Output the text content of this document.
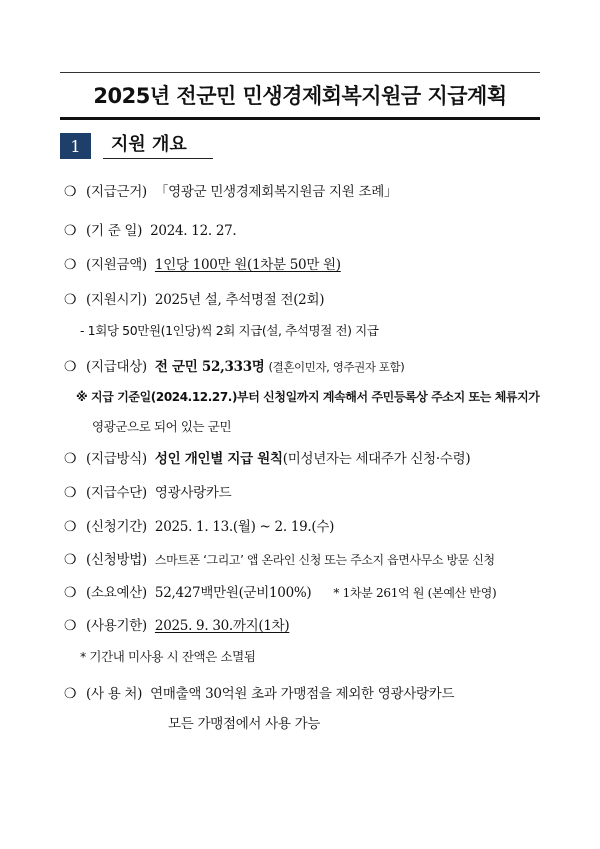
2025년 전군민 민생경제회복지원금 지급계획
1	지원 개요
❍ (지급근거) 「영광군 민생경제회복지원금 지원 조례」
❍ (기 준 일) 2024. 12. 27.
❍ (지원금액) 1인당 100만 원(1차분 50만 원)
❍ (지원시기) 2025년 설, 추석명절 전(2회)
- 1회당 50만원(1인당)씩 2회 지급(설, 추석명절 전) 지급
❍ (지급대상) 전 군민 52,333명 (결혼이민자, 영주권자 포함)
※ 지급 기준일(2024.12.27.)부터 신청일까지 계속해서 주민등록상 주소지 또는 체류지가
영광군으로 되어 있는 군민
❍ (지급방식) 성인 개인별 지급 원칙(미성년자는 세대주가 신청·수령)
❍ (지급수단) 영광사랑카드
❍ (신청기간) 2025. 1. 13.(월) ~ 2. 19.(수)
❍ (신청방법) 스마트폰 ‘그리고’ 앱 온라인 신청 또는 주소지 읍면사무소 방문 신청
❍ (소요예산) 52,427백만원(군비100%) * 1차분 261억 원 (본예산 반영)
❍ (사용기한) 2025. 9. 30.까지(1차)
* 기간내 미사용 시 잔액은 소멸됨
❍ (사 용 처) 연매출액 30억원 초과 가맹점을 제외한 영광사랑카드
모든 가맹점에서 사용 가능
